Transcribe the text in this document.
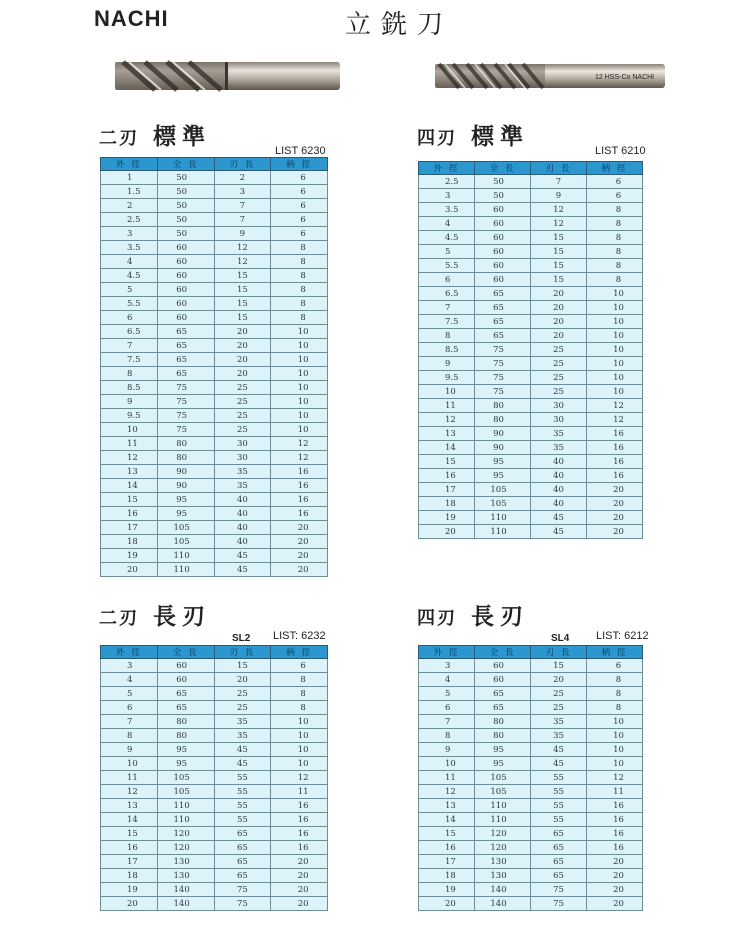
NACHI	立銑刀
12 HSS-Co NACHI
二刃 標準
LIST 6230
四刃 標準
LIST 6210
二刃 長刃
SL2 LIST: 6232
四刃 長刃
SL4 LIST: 6212
外 徑	全 長	刃 長	柄 徑
1	50	2	6
1.5	50	3	6
2	50	7	6
2.5	50	7	6
3	50	9	6
3.5	60	12	8
4	60	12	8
4.5	60	15	8
5	60	15	8
5.5	60	15	8
6	60	15	8
6.5	65	20	10
7	65	20	10
7.5	65	20	10
8	65	20	10
8.5	75	25	10
9	75	25	10
9.5	75	25	10
10	75	25	10
11	80	30	12
12	80	30	12
13	90	35	16
14	90	35	16
15	95	40	16
16	95	40	16
17	105	40	20
18	105	40	20
19	110	45	20
20	110	45	20
外 徑	全 長	刃 長	柄 徑
2.5	50	7	6
3	50	9	6
3.5	60	12	8
4	60	12	8
4.5	60	15	8
5	60	15	8
5.5	60	15	8
6	60	15	8
6.5	65	20	10
7	65	20	10
7.5	65	20	10
8	65	20	10
8.5	75	25	10
9	75	25	10
9.5	75	25	10
10	75	25	10
11	80	30	12
12	80	30	12
13	90	35	16
14	90	35	16
15	95	40	16
16	95	40	16
17	105	40	20
18	105	40	20
19	110	45	20
20	110	45	20
外 徑	全 長	刃 長	柄 徑
3	60	15	6
4	60	20	8
5	65	25	8
6	65	25	8
7	80	35	10
8	80	35	10
9	95	45	10
10	95	45	10
11	105	55	12
12	105	55	11
13	110	55	16
14	110	55	16
15	120	65	16
16	120	65	16
17	130	65	20
18	130	65	20
19	140	75	20
20	140	75	20
外 徑	全 長	刃 長	柄 徑
3	60	15	6
4	60	20	8
5	65	25	8
6	65	25	8
7	80	35	10
8	80	35	10
9	95	45	10
10	95	45	10
11	105	55	12
12	105	55	11
13	110	55	16
14	110	55	16
15	120	65	16
16	120	65	16
17	130	65	20
18	130	65	20
19	140	75	20
20	140	75	20
